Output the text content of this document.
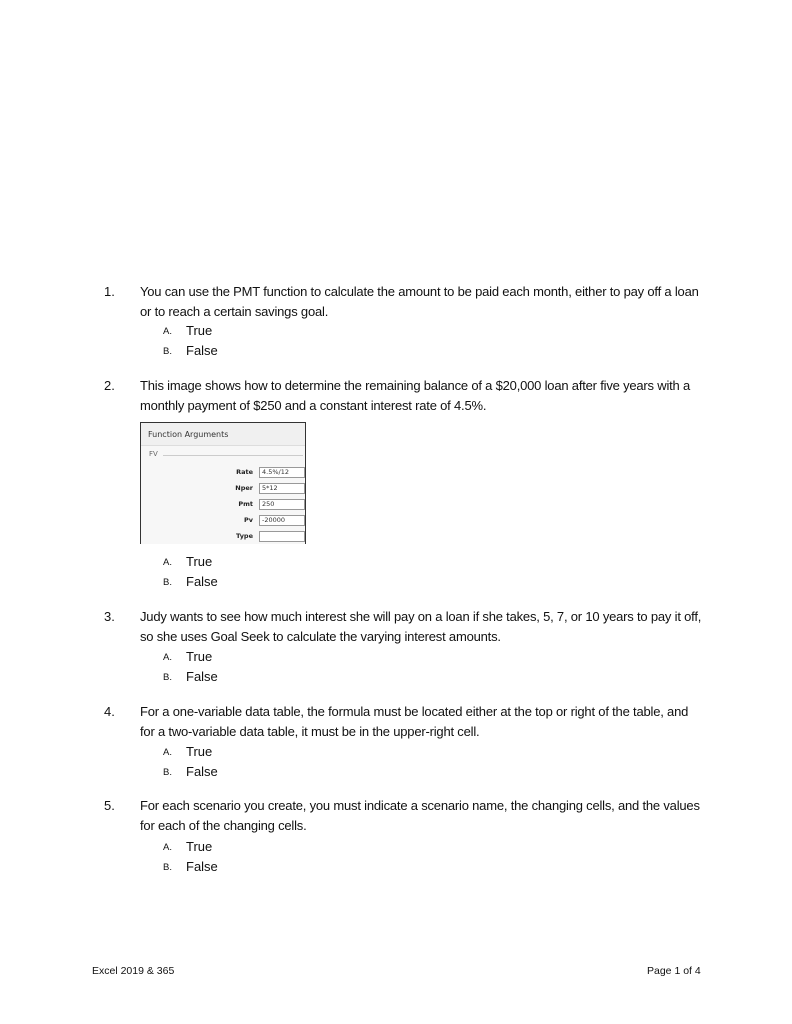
1. You can use the PMT function to calculate the amount to be paid each month, either to pay off a loan or to reach a certain savings goal.
A. True
B. False
2. This image shows how to determine the remaining balance of a $20,000 loan after five years with a monthly payment of $250 and a constant interest rate of 4.5%.
Function Arguments
FV
Rate	4.5%/12
Nper	5*12
Pmt	250
Pv	-20000
Type
A. True
B. False
3. Judy wants to see how much interest she will pay on a loan if she takes, 5, 7, or 10 years to pay it off, so she uses Goal Seek to calculate the varying interest amounts.
A. True
B. False
4. For a one-variable data table, the formula must be located either at the top or right of the table, and for a two-variable data table, it must be in the upper-right cell.
A. True
B. False
5. For each scenario you create, you must indicate a scenario name, the changing cells, and the values for each of the changing cells.
A. True
B. False
Excel 2019 & 365	Page 1 of 4
